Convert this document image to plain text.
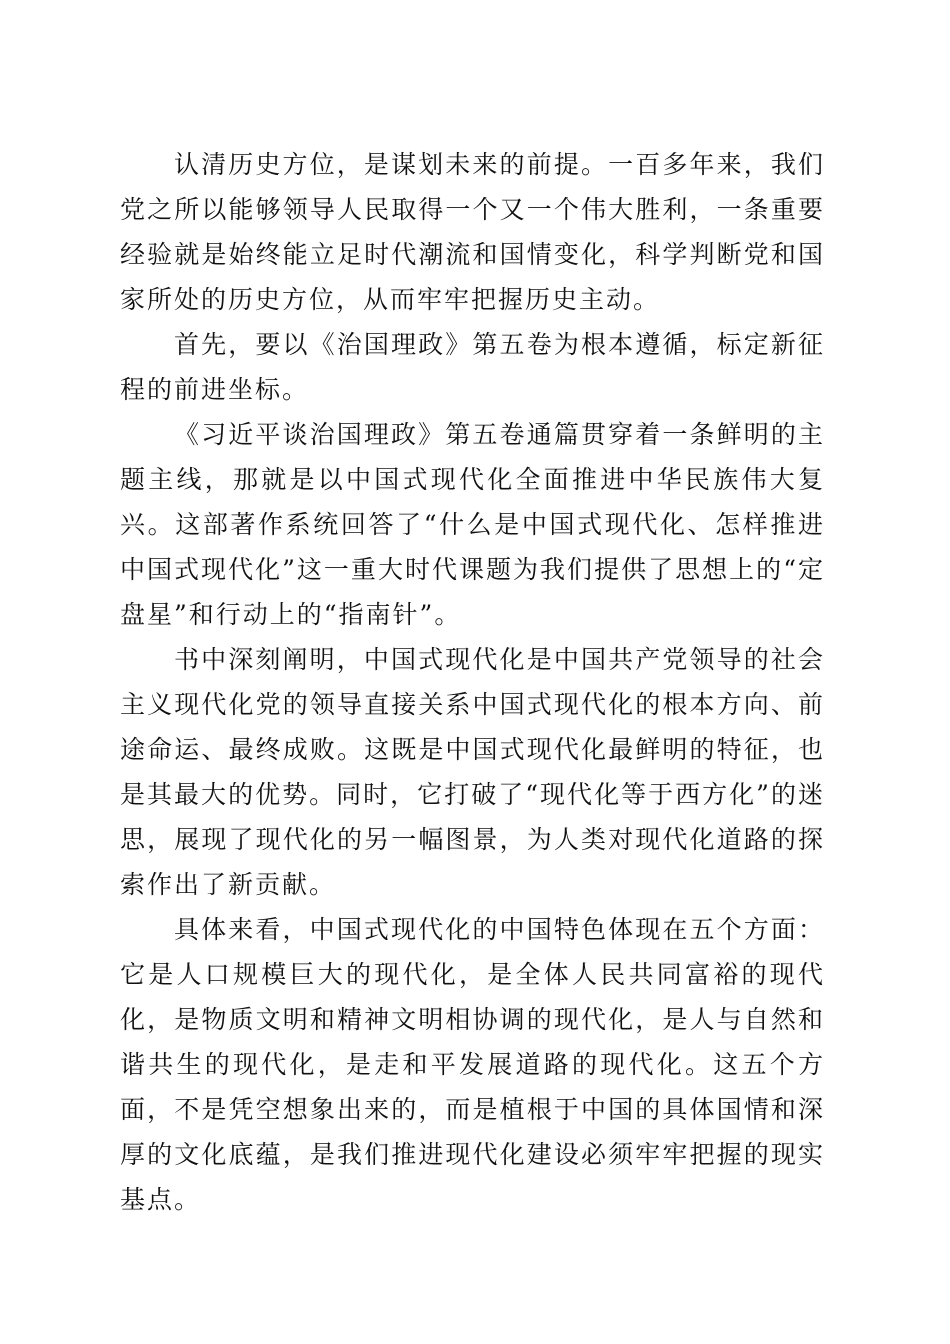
认清历史方位，是谋划未来的前提。一百多年来，我们党之所以能够领导人民取得一个又一个伟大胜利，一条重要经验就是始终能立足时代潮流和国情变化，科学判断党和国家所处的历史方位，从而牢牢把握历史主动。

首先，要以《治国理政》第五卷为根本遵循，标定新征程的前进坐标。

《习近平谈治国理政》第五卷通篇贯穿着一条鲜明的主题主线，那就是以中国式现代化全面推进中华民族伟大复兴。这部著作系统回答了“什么是中国式现代化、怎样推进中国式现代化”这一重大时代课题为我们提供了思想上的“定盘星”和行动上的“指南针”。

书中深刻阐明，中国式现代化是中国共产党领导的社会主义现代化党的领导直接关系中国式现代化的根本方向、前途命运、最终成败。这既是中国式现代化最鲜明的特征，也是其最大的优势。同时，它打破了“现代化等于西方化”的迷思，展现了现代化的另一幅图景，为人类对现代化道路的探索作出了新贡献。

具体来看，中国式现代化的中国特色体现在五个方面：它是人口规模巨大的现代化，是全体人民共同富裕的现代化，是物质文明和精神文明相协调的现代化，是人与自然和谐共生的现代化，是走和平发展道路的现代化。这五个方面，不是凭空想象出来的，而是植根于中国的具体国情和深厚的文化底蕴，是我们推进现代化建设必须牢牢把握的现实基点。
